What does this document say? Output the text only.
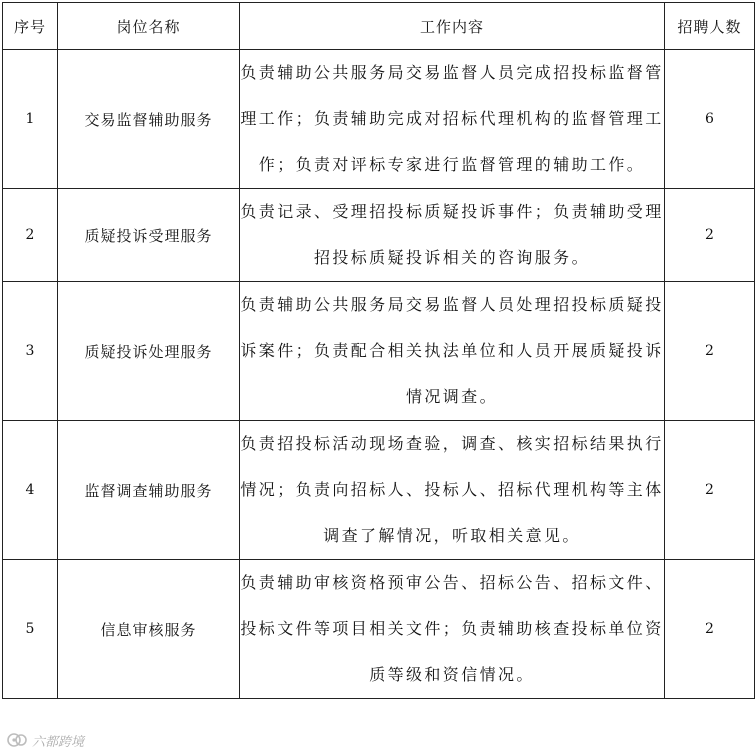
序号	岗位名称	工作内容	招聘人数
1	交易监督辅助服务	负责辅助公共服务局交易监督人员完成招投标监督管理工作；负责辅助完成对招标代理机构的监督管理工作；负责对评标专家进行监督管理的辅助工作。	6
2	质疑投诉受理服务	负责记录、受理招投标质疑投诉事件；负责辅助受理招投标质疑投诉相关的咨询服务。	2
3	质疑投诉处理服务	负责辅助公共服务局交易监督人员处理招投标质疑投诉案件；负责配合相关执法单位和人员开展质疑投诉情况调查。	2
4	监督调查辅助服务	负责招投标活动现场查验，调查、核实招标结果执行情况；负责向招标人、投标人、招标代理机构等主体调查了解情况，听取相关意见。	2
5	信息审核服务	负责辅助审核资格预审公告、招标公告、招标文件、投标文件等项目相关文件；负责辅助核查投标单位资质等级和资信情况。	2
六都跨境
